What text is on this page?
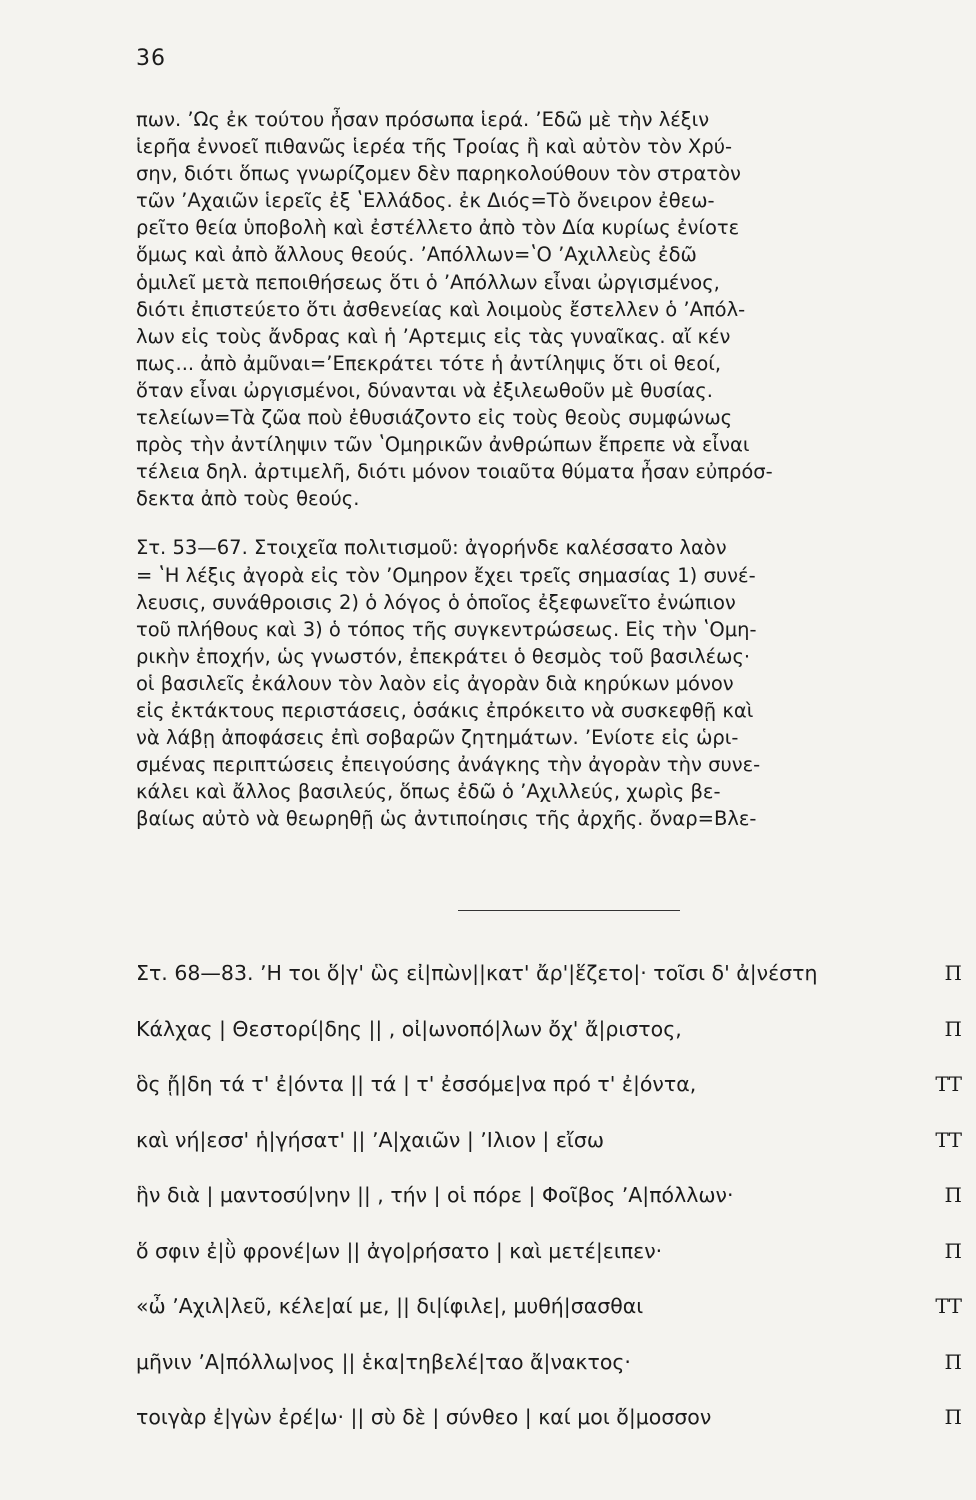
36
πων. ʼΩς ἐκ τούτου ἦσαν πρόσωπα ἱερά. ʼΕδῶ μὲ τὴν λέξιν
ἱερῆα ἐννοεῖ πιθανῶς ἱερέα τῆς Τροίας ἢ καὶ αὐτὸν τὸν Χρύ-
σην, διότι ὅπως γνωρίζομεν δὲν παρηκολούθουν τὸν στρατὸν
τῶν ʼΑχαιῶν ἱερεῖς ἐξ ʽΕλλάδος. ἐκ Διός=Τὸ ὄνειρον ἐθεω-
ρεῖτο θεία ὑποβολὴ καὶ ἐστέλλετο ἀπὸ τὸν Δία κυρίως ἐνίοτε
ὅμως καὶ ἀπὸ ἄλλους θεούς. ʼΑπόλλων=ʽΟ ʼΑχιλλεὺς ἐδῶ
ὁμιλεῖ μετὰ πεποιθήσεως ὅτι ὁ ʼΑπόλλων εἶναι ὠργισμένος,
διότι ἐπιστεύετο ὅτι ἀσθενείας καὶ λοιμοὺς ἔστελλεν ὁ ʼΑπόλ-
λων εἰς τοὺς ἄνδρας καὶ ἡ ʼΑρτεμις εἰς τὰς γυναῖκας. αἴ κέν
πως... ἀπὸ ἀμῦναι=ʼΕπεκράτει τότε ἡ ἀντίληψις ὅτι οἱ θεοί,
ὅταν εἶναι ὠργισμένοι, δύνανται νὰ ἐξιλεωθοῦν μὲ θυσίας.
τελείων=Τὰ ζῶα ποὺ ἐθυσιάζοντο εἰς τοὺς θεοὺς συμφώνως
πρὸς τὴν ἀντίληψιν τῶν ʽΟμηρικῶν ἀνθρώπων ἔπρεπε νὰ εἶναι
τέλεια δηλ. ἀρτιμελῆ, διότι μόνον τοιαῦτα θύματα ἦσαν εὐπρόσ-
δεκτα ἀπὸ τοὺς θεούς.
Στ. 53—67. Στοιχεῖα πολιτισμοῦ: ἀγορήνδε καλέσσατο λαὸν
= ʽΗ λέξις ἀγορὰ εἰς τὸν ʼΟμηρον ἔχει τρεῖς σημασίας 1) συνέ-
λευσις, συνάθροισις 2) ὁ λόγος ὁ ὁποῖος ἐξεφωνεῖτο ἐνώπιον
τοῦ πλήθους καὶ 3) ὁ τόπος τῆς συγκεντρώσεως. Εἰς τὴν ʽΟμη-
ρικὴν ἐποχήν, ὡς γνωστόν, ἐπεκράτει ὁ θεσμὸς τοῦ βασιλέως·
οἱ βασιλεῖς ἐκάλουν τὸν λαὸν εἰς ἀγορὰν διὰ κηρύκων μόνον
εἰς ἐκτάκτους περιστάσεις, ὁσάκις ἐπρόκειτο νὰ συσκεφθῇ καὶ
νὰ λάβῃ ἀποφάσεις ἐπὶ σοβαρῶν ζητημάτων. ʼΕνίοτε εἰς ὡρι-
σμένας περιπτώσεις ἐπειγούσης ἀνάγκης τὴν ἀγορὰν τὴν συνε-
κάλει καὶ ἄλλος βασιλεύς, ὅπως ἐδῶ ὁ ʼΑχιλλεύς, χωρὶς βε-
βαίως αὐτὸ νὰ θεωρηθῇ ὡς ἀντιποίησις τῆς ἀρχῆς. ὄναρ=Βλε-
Στ. 68—83. ʼΗ τοι ὅ|γ' ὣς εἰ|πὼν||κατ' ἄρ'|ἕζετο|· τοῖσι δ' ἀ|νέστη	Π
Κάλχας | Θεστορί|δης || , οἰ|ωνοπό|λων ὄχ' ἄ|ριστος,	Π
ὃς ᾔ|δη τά τ' ἐ|όντα || τά | τ' ἐσσόμε|να πρό τ' ἐ|όντα,	ΤΤ
καὶ νή|εσσ' ἡ|γήσατ' || ʼΑ|χαιῶν | ʼΙλιον | εἴσω	ΤΤ
ἣν διὰ | μαντοσύ|νην || , τήν | οἱ πόρε | Φοῖβος ʼΑ|πόλλων·	Π
ὅ σφιν ἐ|ῢ φρονέ|ων || ἀγο|ρήσατο | καὶ μετέ|ειπεν·	Π
«ὦ ʼΑχιλ|λεῦ, κέλε|αί με, || δι|ίφιλε|, μυθή|σασθαι	ΤΤ
μῆνιν ʼΑ|πόλλω|νος || ἑκα|τηβελέ|ταο ἄ|νακτος·	Π
τοιγὰρ ἐ|γὼν ἐρέ|ω· || σὺ δὲ | σύνθεο | καί μοι ὄ|μοσσον	Π
